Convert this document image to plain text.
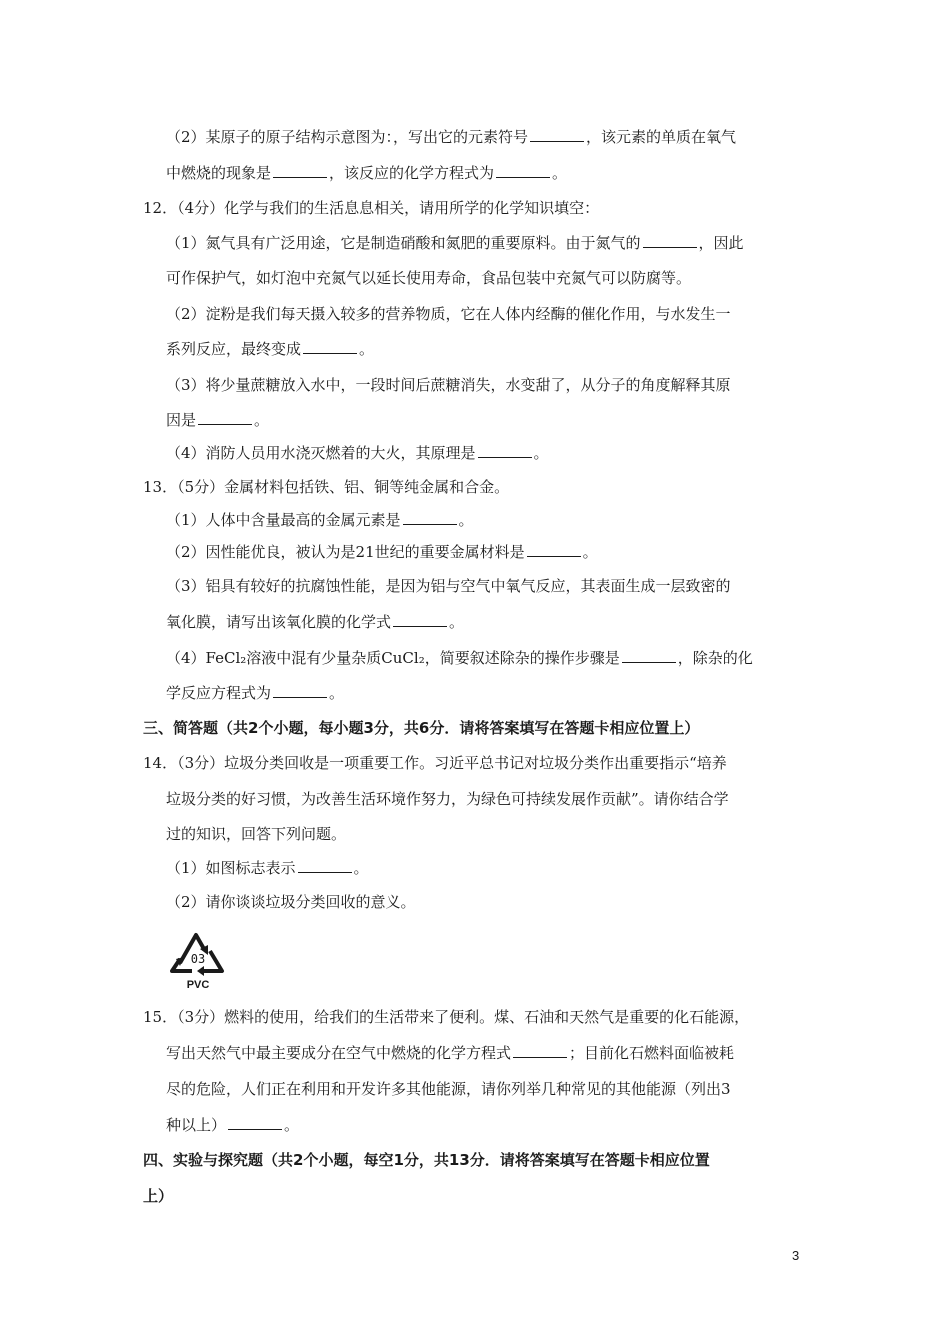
（2）某原子的原子结构示意图为：，写出它的元素符号	，该元素的单质在氧气
中燃烧的现象是	，该反应的化学方程式为	。
12．（4分）化学与我们的生活息息相关，请用所学的化学知识填空：
（1）氮气具有广泛用途，它是制造硝酸和氮肥的重要原料。由于氮气的	，因此
可作保护气，如灯泡中充氮气以延长使用寿命，食品包装中充氮气可以防腐等。
（2）淀粉是我们每天摄入较多的营养物质，它在人体内经酶的催化作用，与水发生一
系列反应，最终变成	。
（3）将少量蔗糖放入水中，一段时间后蔗糖消失，水变甜了，从分子的角度解释其原
因是	。
（4）消防人员用水浇灭燃着的大火，其原理是	。
13．（5分）金属材料包括铁、铝、铜等纯金属和合金。
（1）人体中含量最高的金属元素是	。
（2）因性能优良，被认为是21世纪的重要金属材料是	。
（3）铝具有较好的抗腐蚀性能，是因为铝与空气中氧气反应，其表面生成一层致密的
氧化膜，请写出该氧化膜的化学式	。
（4）FeCl₂溶液中混有少量杂质CuCl₂，简要叙述除杂的操作步骤是	，除杂的化
学反应方程式为	。
三、简答题（共2个小题，每小题3分，共6分．请将答案填写在答题卡相应位置上）
14．（3分）垃圾分类回收是一项重要工作。习近平总书记对垃圾分类作出重要指示“培养
垃圾分类的好习惯，为改善生活环境作努力，为绿色可持续发展作贡献”。请你结合学
过的知识，回答下列问题。
（1）如图标志表示	。
（2）请你谈谈垃圾分类回收的意义。
03
PVC
15．（3分）燃料的使用，给我们的生活带来了便利。煤、石油和天然气是重要的化石能源，
写出天然气中最主要成分在空气中燃烧的化学方程式	；目前化石燃料面临被耗
尽的危险，人们正在利用和开发许多其他能源，请你列举几种常见的其他能源（列出3
种以上）	。
四、实验与探究题（共2个小题，每空1分，共13分．请将答案填写在答题卡相应位置
上）
3
